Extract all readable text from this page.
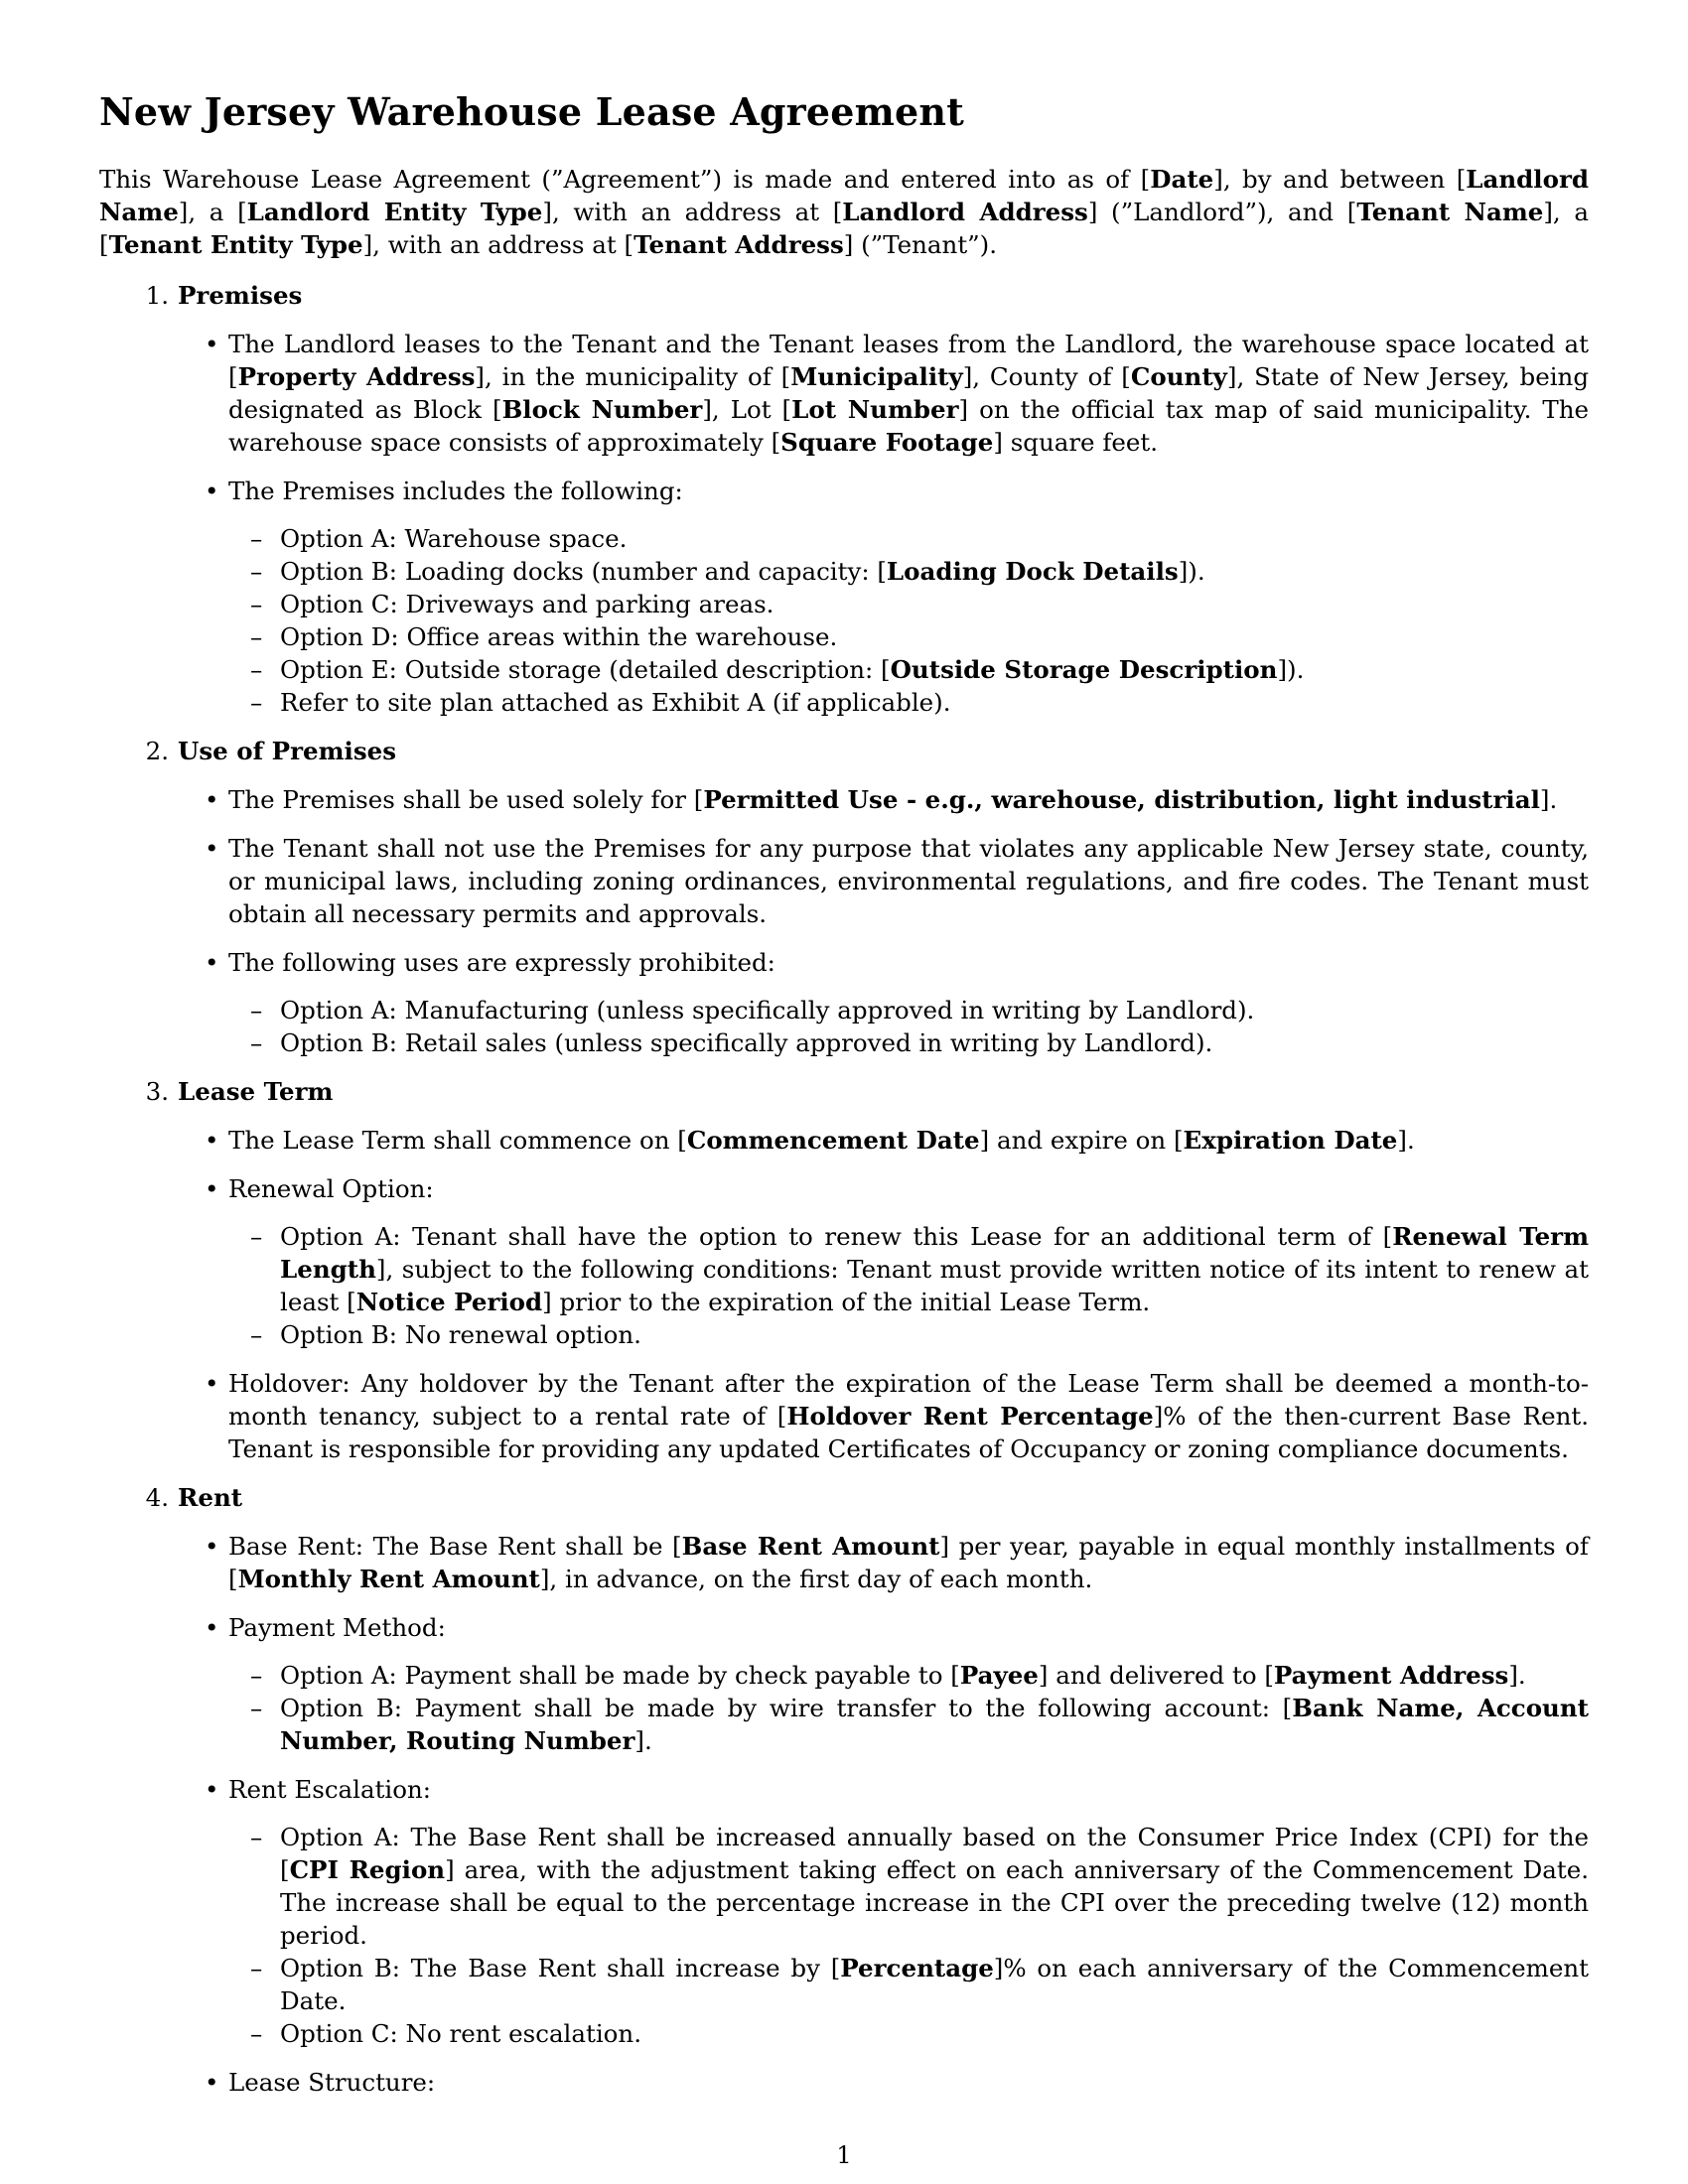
New Jersey Warehouse Lease Agreement

This Warehouse Lease Agreement (”Agreement”) is made and entered into as of [Date], by and between [Landlord Name], a [Landlord Entity Type], with an address at [Landlord Address] (”Landlord”), and [Tenant Name], a [Tenant Entity Type], with an address at [Tenant Address] (”Tenant”).

1. Premises
• The Landlord leases to the Tenant and the Tenant leases from the Landlord, the warehouse space located at [Property Address], in the municipality of [Municipality], County of [County], State of New Jersey, being designated as Block [Block Number], Lot [Lot Number] on the official tax map of said municipality. The warehouse space consists of approximately [Square Footage] square feet.
• The Premises includes the following:
– Option A: Warehouse space.
– Option B: Loading docks (number and capacity: [Loading Dock Details]).
– Option C: Driveways and parking areas.
– Option D: Office areas within the warehouse.
– Option E: Outside storage (detailed description: [Outside Storage Description]).
– Refer to site plan attached as Exhibit A (if applicable).
2. Use of Premises
• The Premises shall be used solely for [Permitted Use - e.g., warehouse, distribution, light industrial].
• The Tenant shall not use the Premises for any purpose that violates any applicable New Jersey state, county, or municipal laws, including zoning ordinances, environmental regulations, and fire codes. The Tenant must obtain all necessary permits and approvals.
• The following uses are expressly prohibited:
– Option A: Manufacturing (unless specifically approved in writing by Landlord).
– Option B: Retail sales (unless specifically approved in writing by Landlord).
3. Lease Term
• The Lease Term shall commence on [Commencement Date] and expire on [Expiration Date].
• Renewal Option:
– Option A: Tenant shall have the option to renew this Lease for an additional term of [Renewal Term Length], subject to the following conditions: Tenant must provide written notice of its intent to renew at least [Notice Period] prior to the expiration of the initial Lease Term.
– Option B: No renewal option.
• Holdover: Any holdover by the Tenant after the expiration of the Lease Term shall be deemed a month-to-month tenancy, subject to a rental rate of [Holdover Rent Percentage]% of the then-current Base Rent. Tenant is responsible for providing any updated Certificates of Occupancy or zoning compliance documents.
4. Rent
• Base Rent: The Base Rent shall be [Base Rent Amount] per year, payable in equal monthly installments of [Monthly Rent Amount], in advance, on the first day of each month.
• Payment Method:
– Option A: Payment shall be made by check payable to [Payee] and delivered to [Payment Address].
– Option B: Payment shall be made by wire transfer to the following account: [Bank Name, Account Number, Routing Number].
• Rent Escalation:
– Option A: The Base Rent shall be increased annually based on the Consumer Price Index (CPI) for the [CPI Region] area, with the adjustment taking effect on each anniversary of the Commencement Date. The increase shall be equal to the percentage increase in the CPI over the preceding twelve (12) month period.
– Option B: The Base Rent shall increase by [Percentage]% on each anniversary of the Commencement Date.
– Option C: No rent escalation.
• Lease Structure:
1
